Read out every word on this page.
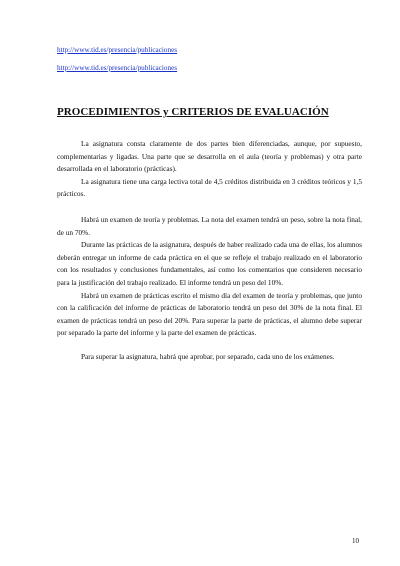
http://www.tid.es/presencia/publicaciones
http://www.tid.es/presencia/publicaciones
PROCEDIMIENTOS y CRITERIOS DE EVALUACIÓN

La asignatura consta claramente de dos partes bien diferenciadas, aunque, por supuesto, complementarias y ligadas. Una parte que se desarrolla en el aula (teoría y problemas) y otra parte desarrollada en el laboratorio (prácticas).

La asignatura tiene una carga lectiva total de 4,5 créditos distribuida en 3 créditos teóricos y 1,5 prácticos.

Habrá un examen de teoría y problemas. La nota del examen tendrá un peso, sobre la nota final, de un 70%.

Durante las prácticas de la asignatura, después de haber realizado cada una de ellas, los alumnos deberán entregar un informe de cada práctica en el que se refleje el trabajo realizado en el laboratorio con los resultados y conclusiones fundamentales, así como los comentarios que consideren necesario para la justificación del trabajo realizado. El informe tendrá un peso del 10%.

Habrá un examen de prácticas escrito el mismo día del examen de teoría y problemas, que junto con la calificación del informe de prácticas de laboratorio tendrá un peso del 30% de la nota final. El examen de prácticas tendrá un peso del 20%. Para superar la parte de prácticas, el alumno debe superar por separado la parte del informe y la parte del examen de prácticas.

Para superar la asignatura, habrá que aprobar, por separado, cada uno de los exámenes.

10
